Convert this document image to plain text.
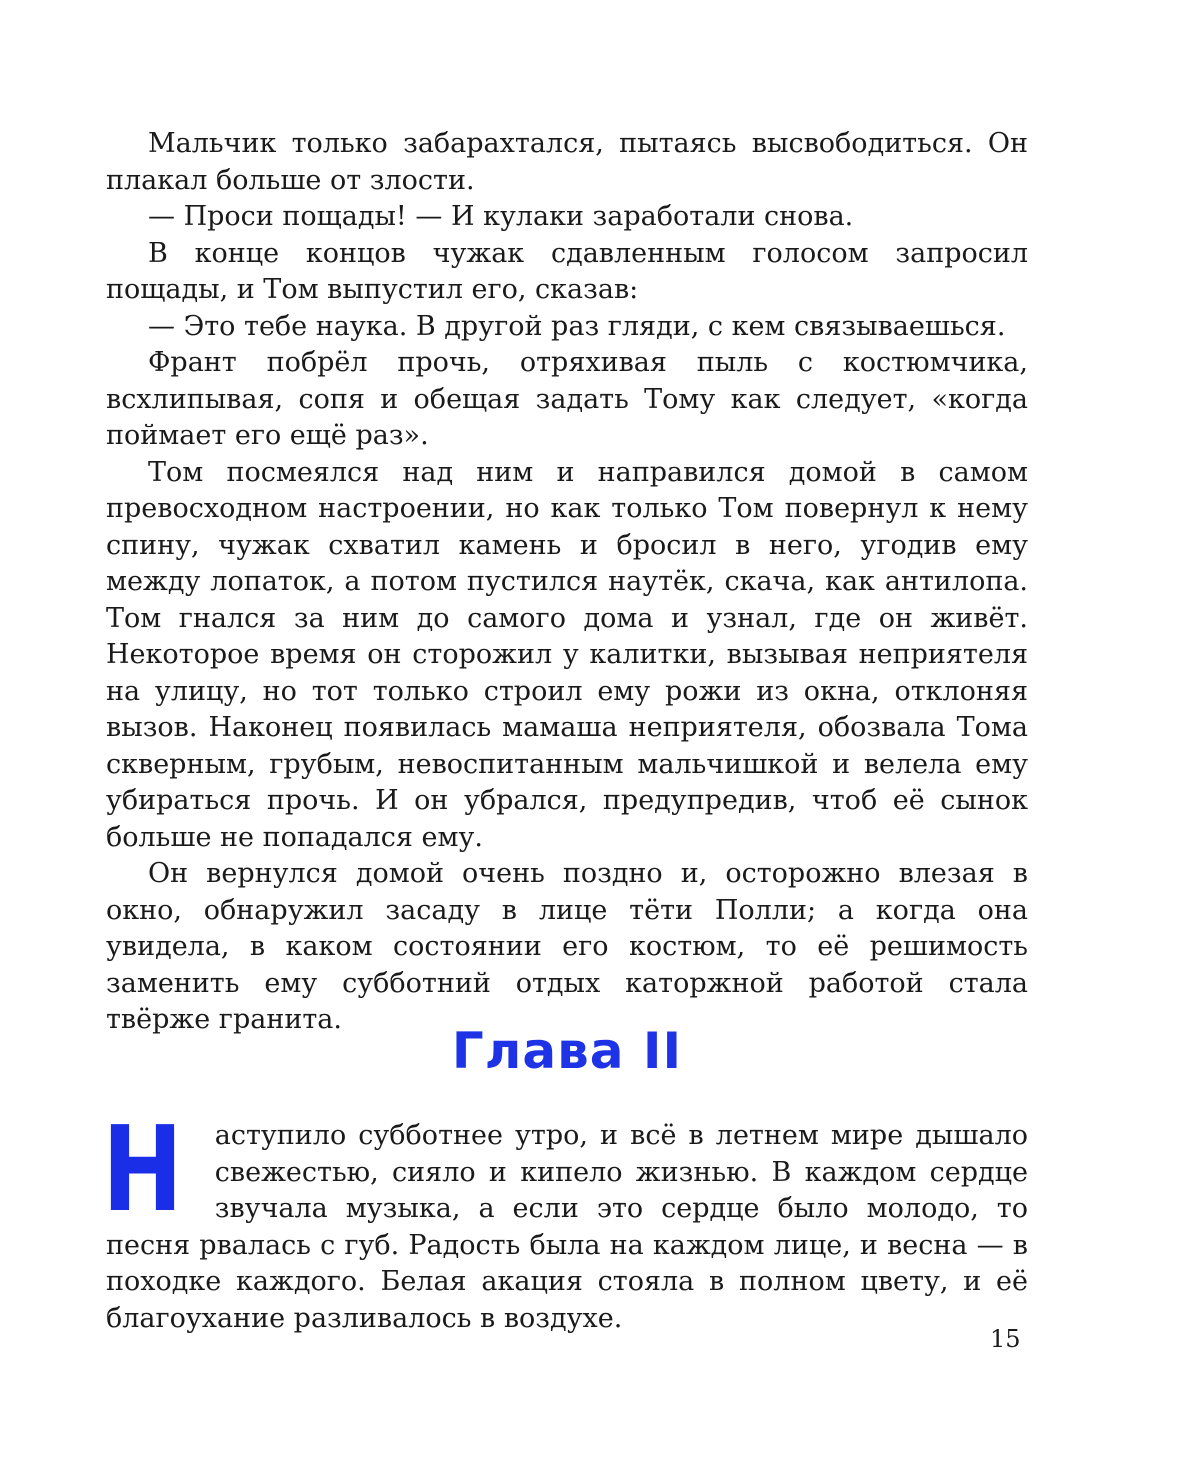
Мальчик только забарахтался, пытаясь высвободиться. Он плакал больше от злости.

— Проси пощады! — И кулаки заработали снова.

В конце концов чужак сдавленным голосом запросил пощады, и Том выпустил его, сказав:

— Это тебе наука. В другой раз гляди, с кем связываешься.

Франт побрёл прочь, отряхивая пыль с костюмчика, всхлипывая, сопя и обещая задать Тому как следует, «когда поймает его ещё раз».

Том посмеялся над ним и направился домой в самом превосходном настроении, но как только Том повернул к нему спину, чужак схватил камень и бросил в него, угодив ему между лопаток, а потом пустился наутёк, скача, как антилопа. Том гнался за ним до самого дома и узнал, где он живёт. Некоторое время он сторожил у калитки, вызывая неприятеля на улицу, но тот только строил ему рожи из окна, отклоняя вызов. Наконец появилась мамаша неприятеля, обозвала Тома скверным, грубым, невоспитанным мальчишкой и велела ему убираться прочь. И он убрался, предупредив, чтоб её сынок больше не попадался ему.

Он вернулся домой очень поздно и, осторожно влезая в окно, обнаружил засаду в лице тёти Полли; а когда она увидела, в каком состоянии его костюм, то её решимость заменить ему субботний отдых каторжной работой стала твёрже гранита.

Глава II
Н	аступило субботнее утро, и всё в летнем мире дышало свежестью, сияло и кипело жизнью. В каждом сердце звучала музыка, а если это сердце было молодо, то песня рвалась с губ. Радость была на каждом лице, и весна — в походке каждого. Белая акация стояла в полном цвету, и её благоухание разливалось в воздухе.

15
